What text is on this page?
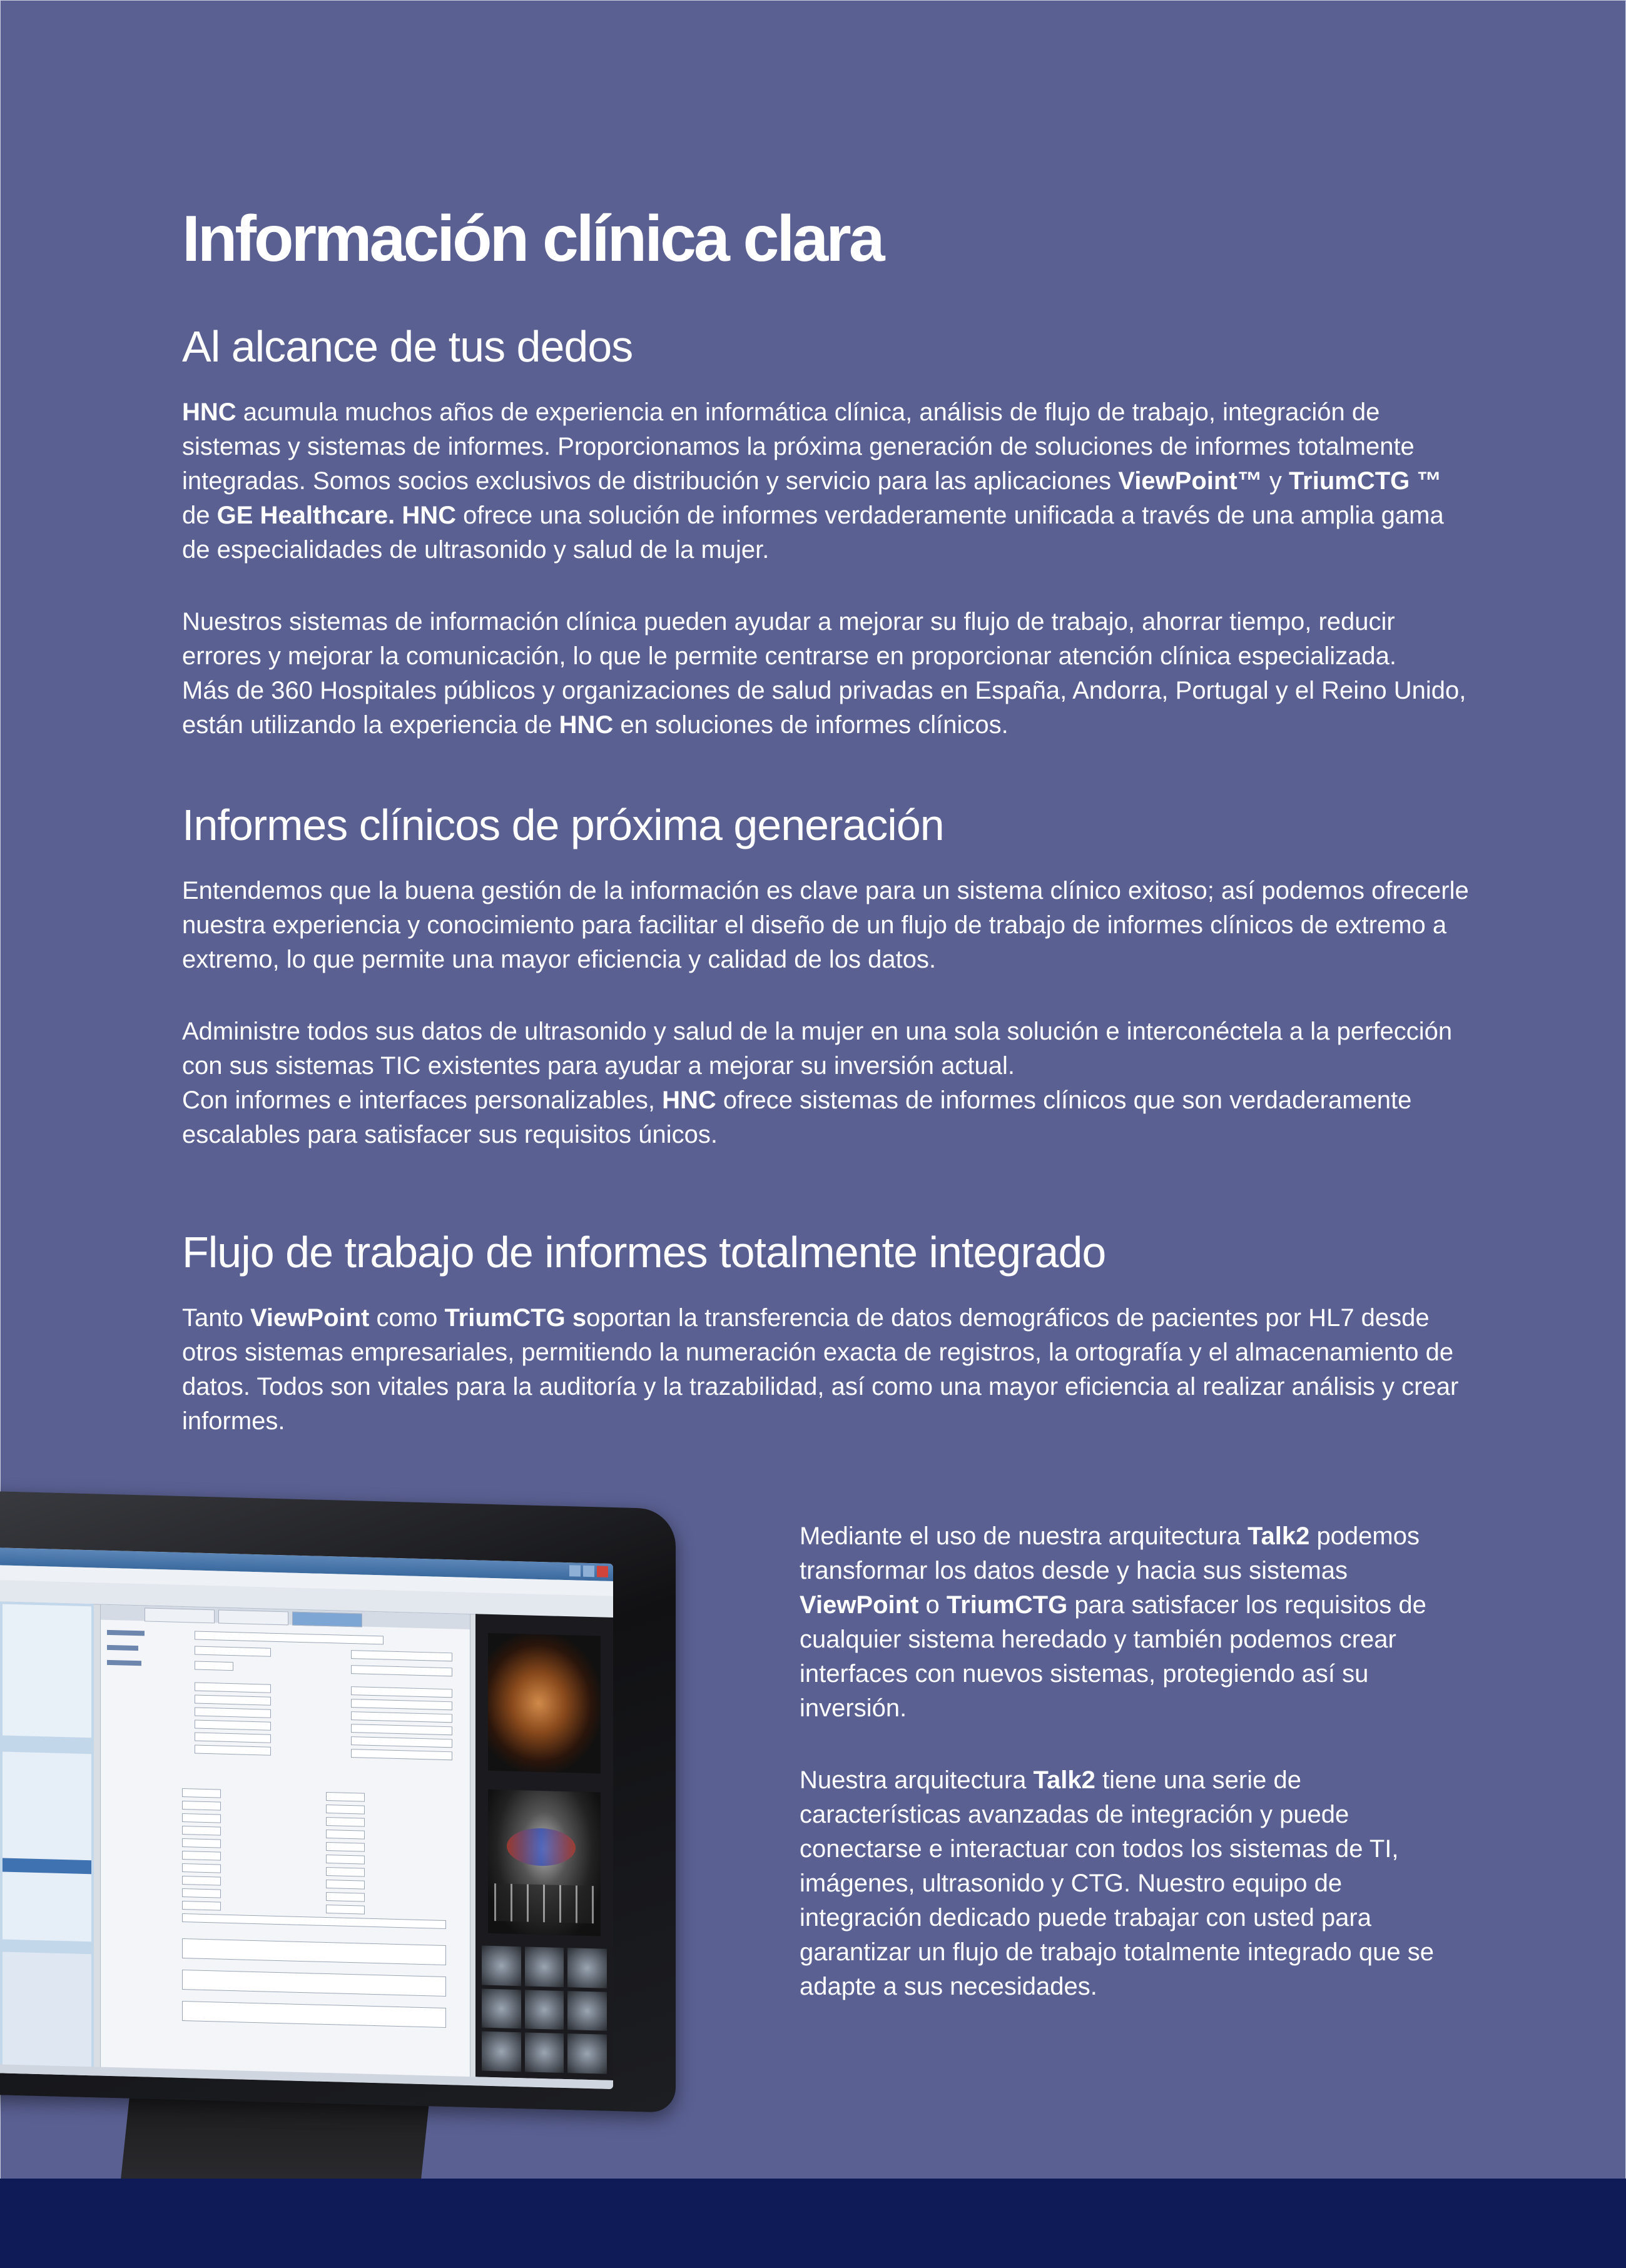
Información clínica clara
Al alcance de tus dedos

HNC acumula muchos años de experiencia en informática clínica, análisis de flujo de trabajo, integración de sistemas y sistemas de informes. Proporcionamos la próxima generación de soluciones de informes totalmente integradas. Somos socios exclusivos de distribución y servicio para las aplicaciones ViewPoint™ y TriumCTG ™ de GE Healthcare. HNC ofrece una solución de informes verdaderamente unificada a través de una amplia gama de especialidades de ultrasonido y salud de la mujer.

Nuestros sistemas de información clínica pueden ayudar a mejorar su flujo de trabajo, ahorrar tiempo, reducir errores y mejorar la comunicación, lo que le permite centrarse en proporcionar atención clínica especializada.

Más de 360 Hospitales públicos y organizaciones de salud privadas en España, Andorra, Portugal y el Reino Unido, están utilizando la experiencia de HNC en soluciones de informes clínicos.

Informes clínicos de próxima generación

Entendemos que la buena gestión de la información es clave para un sistema clínico exitoso; así podemos ofrecerle nuestra experiencia y conocimiento para facilitar el diseño de un flujo de trabajo de informes clínicos de extremo a extremo, lo que permite una mayor eficiencia y calidad de los datos.

Administre todos sus datos de ultrasonido y salud de la mujer en una sola solución e interconéctela a la perfección con sus sistemas TIC existentes para ayudar a mejorar su inversión actual.

Con informes e interfaces personalizables, HNC ofrece sistemas de informes clínicos que son verdaderamente escalables para satisfacer sus requisitos únicos.

Flujo de trabajo de informes totalmente integrado

Tanto ViewPoint como TriumCTG soportan la transferencia de datos demográficos de pacientes por HL7 desde otros sistemas empresariales, permitiendo la numeración exacta de registros, la ortografía y el almacenamiento de datos. Todos son vitales para la auditoría y la trazabilidad, así como una mayor eficiencia al realizar análisis y crear informes.

Mediante el uso de nuestra arquitectura Talk2 podemos transformar los datos desde y hacia sus sistemas ViewPoint o TriumCTG para satisfacer los requisitos de cualquier sistema heredado y también podemos crear interfaces con nuevos sistemas, protegiendo así su inversión.

Nuestra arquitectura Talk2 tiene una serie de características avanzadas de integración y puede conectarse e interactuar con todos los sistemas de TI, imágenes, ultrasonido y CTG. Nuestro equipo de integración dedicado puede trabajar con usted para garantizar un flujo de trabajo totalmente integrado que se adapte a sus necesidades.
